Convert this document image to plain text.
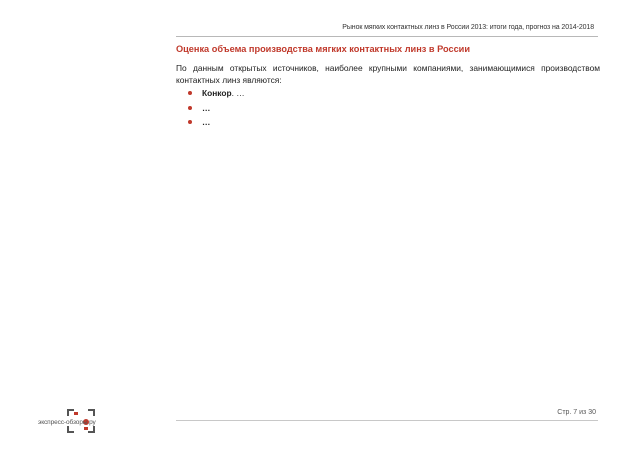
Рынок мягких контактных линз в России 2013: итоги года, прогноз на 2014-2018
Оценка объема производства мягких контактных линз в России
По данным открытых источников, наиболее крупными компаниями, занимающимися производством контактных линз являются:
Конкор . …
…
…
Стр. 7 из 30
экспресс-обзоры.ру
